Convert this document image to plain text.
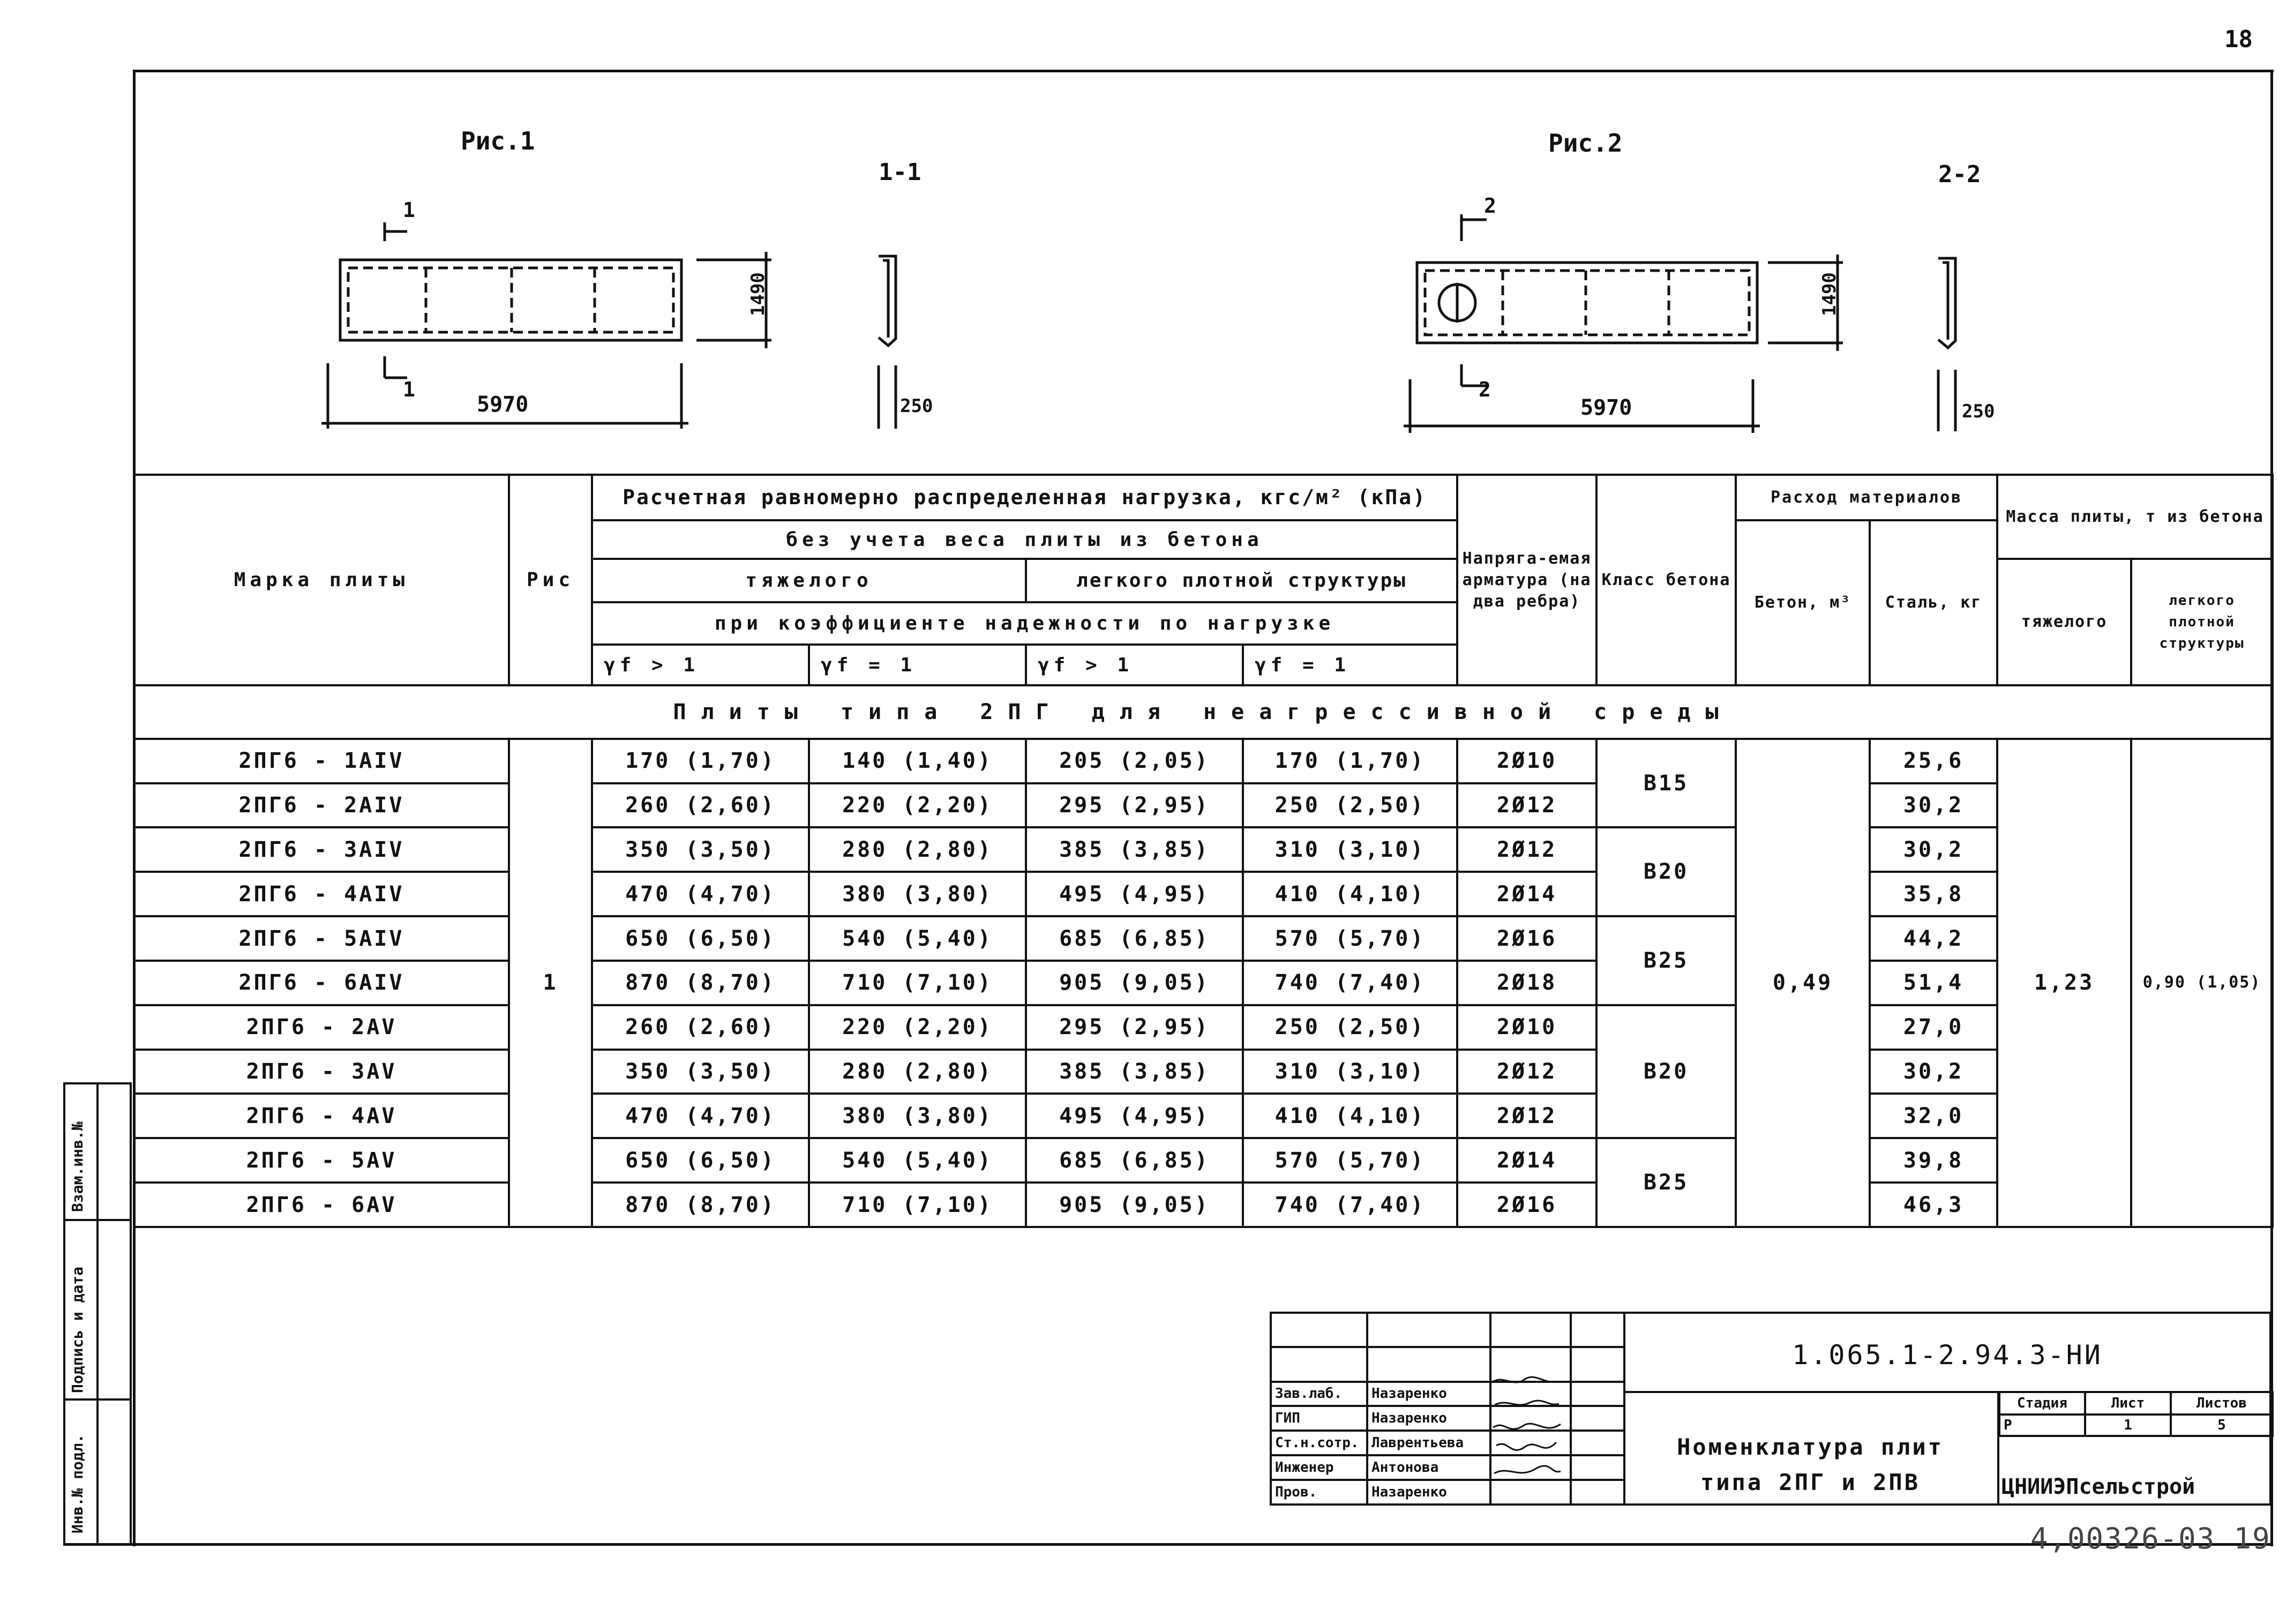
18
Рис.1
1-1
Рис.2
2-2
1
1
5970
1490
250
2
2
5970
1490
250
Марка плиты	Рис	Расчетная равномерно распределенная нагрузка, кгс/м² (кПа)				Напряга-емая арматура (на два ребра)	Класс бетона	Расход материалов		Масса плиты, т из бетона	
		без учета веса плиты из бетона						Бетон, м³	Сталь, кг		
		тяжелого		легкого плотной структуры						тяжелого	легкого плотной структуры
		при коэффициенте надежности по нагрузке									
		γf > 1	γf = 1	γf > 1	γf = 1						
Плиты типа 2ПГ для неагрессивной среды											
2ПГ6 - 1АIV	1	170 (1,70)	140 (1,40)	205 (2,05)	170 (1,70)	2Ø10	В15	0,49	25,6	1,23	0,90 (1,05)
2ПГ6 - 2АIV		260 (2,60)	220 (2,20)	295 (2,95)	250 (2,50)	2Ø12			30,2		
2ПГ6 - 3АIV		350 (3,50)	280 (2,80)	385 (3,85)	310 (3,10)	2Ø12	В20		30,2		
2ПГ6 - 4АIV		470 (4,70)	380 (3,80)	495 (4,95)	410 (4,10)	2Ø14			35,8		
2ПГ6 - 5АIV		650 (6,50)	540 (5,40)	685 (6,85)	570 (5,70)	2Ø16	В25		44,2		
2ПГ6 - 6АIV		870 (8,70)	710 (7,10)	905 (9,05)	740 (7,40)	2Ø18			51,4		
2ПГ6 - 2АV		260 (2,60)	220 (2,20)	295 (2,95)	250 (2,50)	2Ø10	В20		27,0		
2ПГ6 - 3АV		350 (3,50)	280 (2,80)	385 (3,85)	310 (3,10)	2Ø12			30,2		
2ПГ6 - 4АV		470 (4,70)	380 (3,80)	495 (4,95)	410 (4,10)	2Ø12			32,0		
2ПГ6 - 5АV		650 (6,50)	540 (5,40)	685 (6,85)	570 (5,70)	2Ø14	В25		39,8		
2ПГ6 - 6АV		870 (8,70)	710 (7,10)	905 (9,05)	740 (7,40)	2Ø16			46,3		

Взам.инв.№
Подпись и дата
Инв.№ подл.

Зав.лаб.	Назаренко		
ГИП	Назаренко		
Ст.н.сотр.	Лаврентьева		
Инженер	Антонова		
Пров.	Назаренко		
1.065.1-2.94.3-НИ
Номенклатура плит
типа 2ПГ и 2ПВ
Стадия	Лист	Листов
Р	1	5
ЦНИИЭПсельстрой
4,00326-03 19
